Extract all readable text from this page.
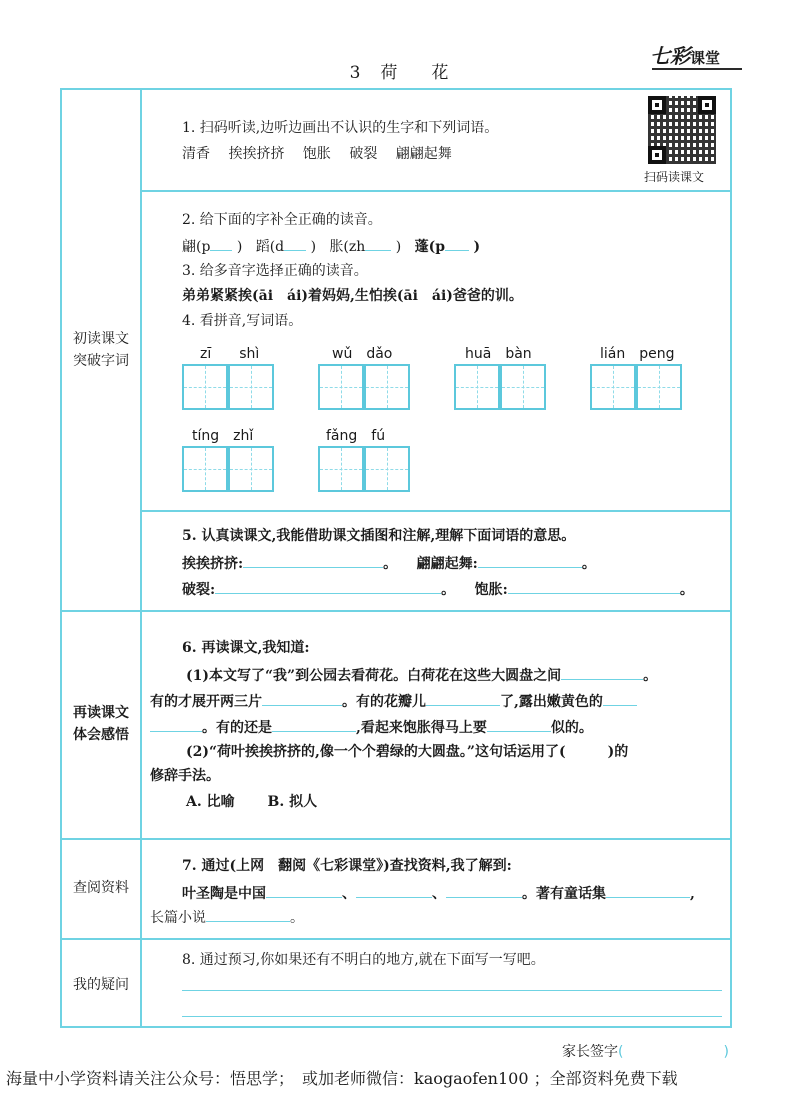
3 荷 花
七彩课堂
初读课文
突破字词
再读课文
体会感悟
查阅资料
我的疑问
扫码读课文
1. 扫码听读,边听边画出不认识的生字和下列词语。
清香　 挨挨挤挤　 饱胀　 破裂　 翩翩起舞
2. 给下面的字补全正确的读音。
翩(p ) 蹈(d ) 胀(zh ) 蓬(p )
3. 给多音字选择正确的读音。
弟弟紧紧挨(āi　ái)着妈妈,生怕挨(āi　ái)爸爸的训。
4. 看拼音,写词语。
zī　　shì	wǔ　dǎo	huā　bàn	lián　peng
tíng　zhǐ	fǎng　fú
5. 认真读课文,我能借助课文插图和注解,理解下面词语的意思。
挨挨挤挤:	。 翩翩起舞:	。
破裂:	。 饱胀:	。
6. 再读课文,我知道:
(1)本文写了“我”到公园去看荷花。白荷花在这些大圆盘之间	。
有的才展开两三片	。有的花瓣儿	了,露出嫩黄色的
。有的还是	,看起来饱胀得马上要	似的。
(2)“荷叶挨挨挤挤的,像一个个碧绿的大圆盘。”这句话运用了(　　　)的
修辞手法。
A. 比喻　　 B. 拟人
7. 通过(上网　翻阅《七彩课堂》)查找资料,我了解到:
叶圣陶是中国	、	、	。著有童话集	,
长篇小说	。
8. 通过预习,你如果还有不明白的地方,就在下面写一写吧。
家长签字(	)
海量中小学资料请关注公众号：悟思学；　或加老师微信：kaogaofen100 ；全部资料免费下载
